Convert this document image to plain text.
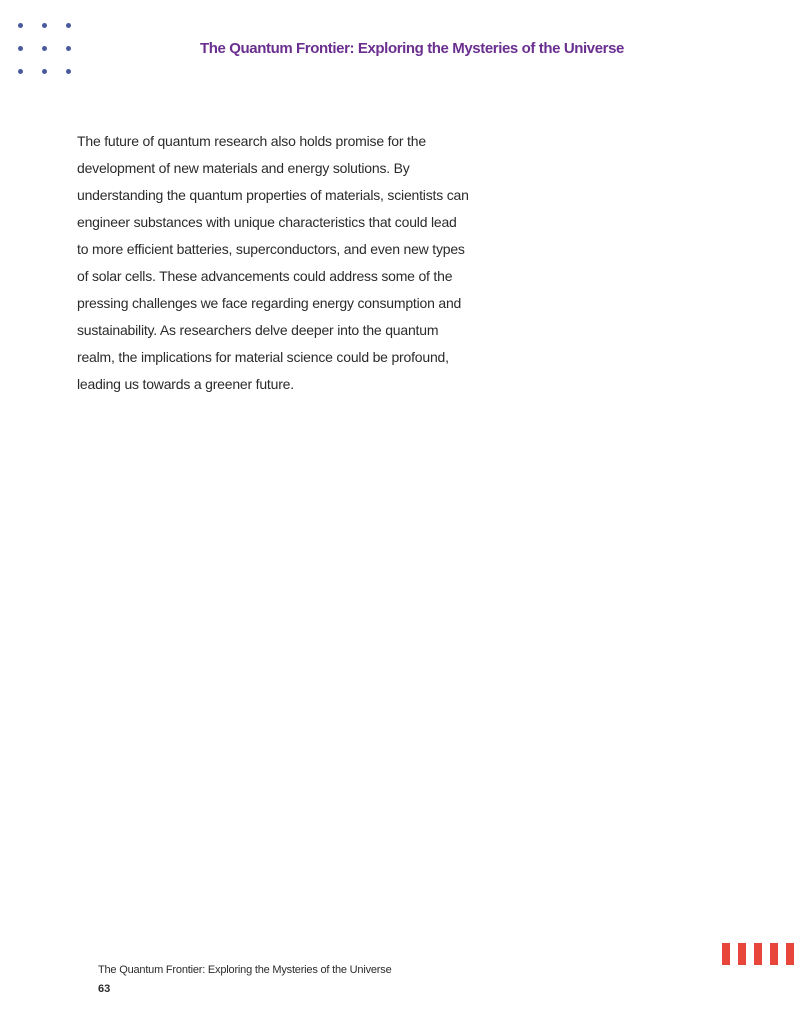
The Quantum Frontier: Exploring the Mysteries of the Universe

The future of quantum research also holds promise for the
development of new materials and energy solutions. By
understanding the quantum properties of materials, scientists can
engineer substances with unique characteristics that could lead
to more efficient batteries, superconductors, and even new types
of solar cells. These advancements could address some of the
pressing challenges we face regarding energy consumption and
sustainability. As researchers delve deeper into the quantum
realm, the implications for material science could be profound,
leading us towards a greener future.

The Quantum Frontier: Exploring the Mysteries of the Universe
63
